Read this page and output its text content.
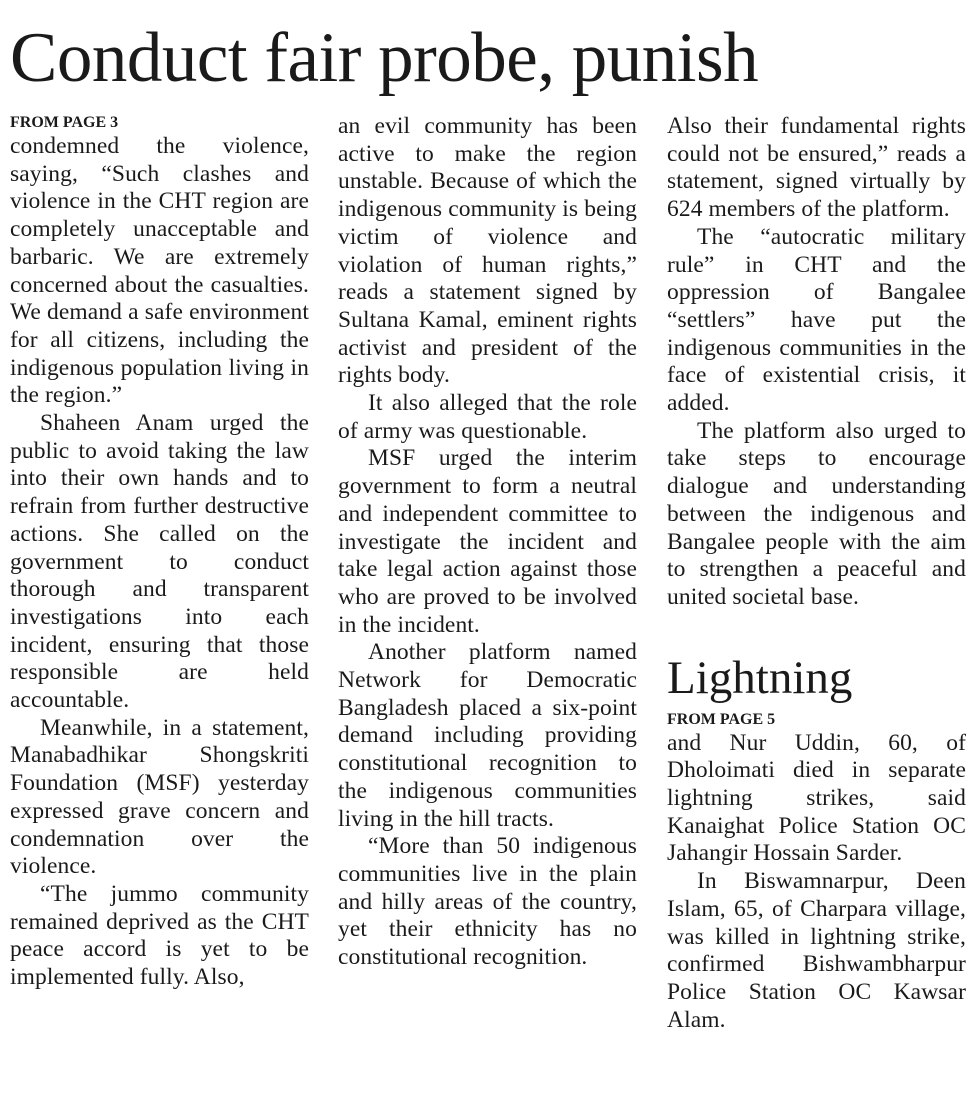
Conduct fair probe, punish
FROM PAGE 3

condemned the violence, saying, “Such clashes and violence in the CHT region are completely unacceptable and barbaric. We are extremely concerned about the casualties. We demand a safe environment for all citizens, including the indigenous population living in the region.”

Shaheen Anam urged the public to avoid taking the law into their own hands and to refrain from further destructive actions. She called on the government to conduct thorough and transparent investigations into each incident, ensuring that those responsible are held accountable.

Meanwhile, in a statement, Manabadhikar Shongskriti Foundation (MSF) yesterday expressed grave concern and condemnation over the violence.

“The jummo community remained deprived as the CHT peace accord is yet to be implemented fully. Also,

an evil community has been active to make the region unstable. Because of which the indigenous community is being victim of violence and violation of human rights,” reads a statement signed by Sultana Kamal, eminent rights activist and president of the rights body.

It also alleged that the role of army was questionable.

MSF urged the interim government to form a neutral and independent committee to investigate the incident and take legal action against those who are proved to be involved in the incident.

Another platform named Network for Democratic Bangladesh placed a six-point demand including providing constitutional recognition to the indigenous communities living in the hill tracts.

“More than 50 indigenous communities live in the plain and hilly areas of the country, yet their ethnicity has no constitutional recognition.

Also their fundamental rights could not be ensured,” reads a statement, signed virtually by 624 members of the platform.

The “autocratic military rule” in CHT and the oppression of Bangalee “settlers” have put the indigenous communities in the face of existential crisis, it added.

The platform also urged to take steps to encourage dialogue and understanding between the indigenous and Bangalee people with the aim to strengthen a peaceful and united societal base.

Lightning
FROM PAGE 5

and Nur Uddin, 60, of Dholoimati died in separate lightning strikes, said Kanaighat Police Station OC Jahangir Hossain Sarder.

In Biswamnarpur, Deen Islam, 65, of Charpara village, was killed in lightning strike, confirmed Bishwambharpur Police Station OC Kawsar Alam.
